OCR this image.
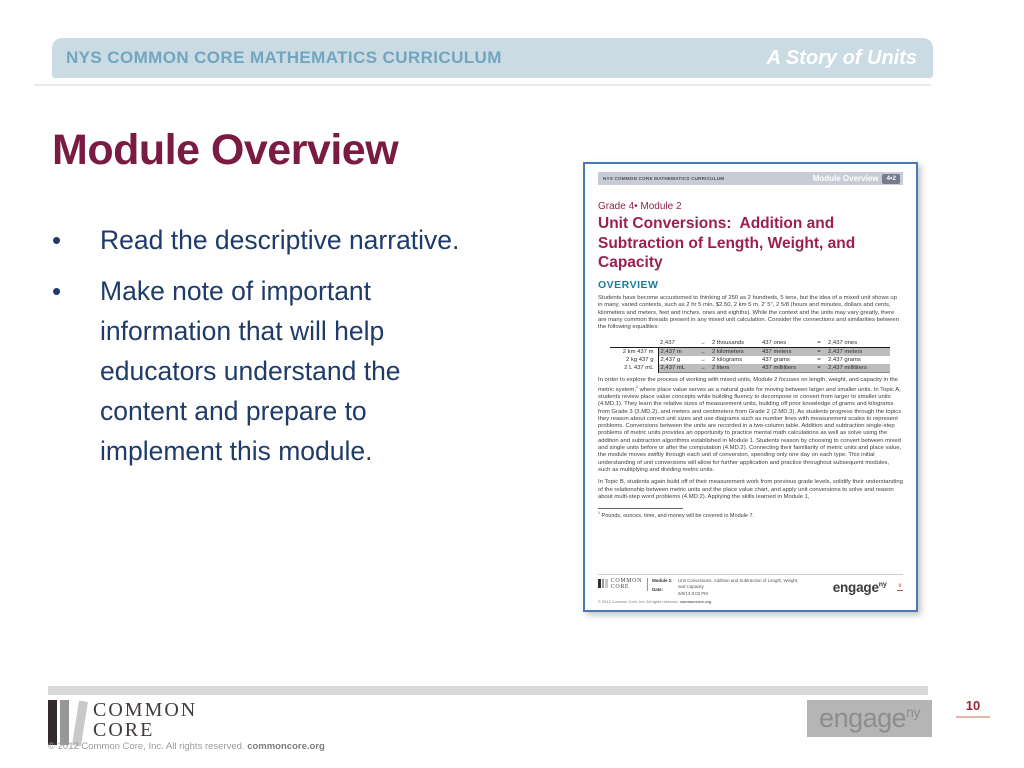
NYS COMMON CORE MATHEMATICS CURRICULUM	A Story of Units
Module Overview
•	Read the descriptive narrative.
•	Make note of important
information that will help
educators understand the
content and prepare to
implement this module.
NYS COMMON CORE MATHEMATICS CURRICULUM	Module Overview	4•2
Grade 4• Module 2
Unit Conversions:  Addition and Subtraction of Length, Weight, and Capacity
OVERVIEW
Students have become accustomed to thinking of 250 as 2 hundreds, 5 tens, but the idea of a mixed unit shows up in many, varied contexts, such as 2 hr 5 min, $2.50, 2 km 5 m, 2' 5", 2 5/8 (hours and minutes, dollars and cents, kilometers and meters, feet and inches, ones and eighths). While the context and the units may vary greatly, there are many common threads present in any mixed unit calculation. Consider the connections and similarities between the following equalities:
	2,437	→	2 thousands	437 ones	=	2,437 ones
2 km 437 m	2,437 m	→	2 kilometers	437 meters	=	2,437 meters
2 kg 437 g	2,437 g	→	2 kilograms	437 grams	=	2,437 grams
2 L 437 mL	2,437 mL	→	2 liters	437 milliliters	=	2,437 milliliters
In order to explore the process of working with mixed units, Module 2 focuses on length, weight, and capacity in the metric system,$^1$ where place value serves as a natural guide for moving between larger and smaller units. In Topic A, students review place value concepts while building fluency to decompose or convert from larger to smaller units (4.MD.1). They learn the relative sizes of measurement units, building off prior knowledge of grams and kilograms from Grade 3 (3.MD.2), and meters and centimeters from Grade 2 (2.MD.3). As students progress through the topics they reason about correct unit sizes and use diagrams such as number lines with measurement scales to represent problems. Conversions between the units are recorded in a two-column table. Addition and subtraction single-step problems of metric units provides an opportunity to practice mental math calculations as well as solve using the addition and subtraction algorithms established in Module 1. Students reason by choosing to convert between mixed and single units before or after the computation (4.MD.2). Connecting their familiarity of metric units and place value, the module moves swiftly through each unit of conversion, spending only one day on each type. This initial understanding of unit conversions will allow for further application and practice throughout subsequent modules, such as multiplying and dividing metric units.
In Topic B, students again build off of their measurement work from previous grade levels, solidify their understanding of the relationship between metric units and the place value chart, and apply unit conversions to solve and reason about multi-step word problems (4.MD.2). Applying the skills learned in Module 1,
$^1$ Pounds, ounces, time, and money will be covered in Module 7.
COMMON
CORE
Module 2:
Date:
Unit Conversions: Addition and Subtraction of Length, Weight, and Capacity
6/9/13 8:03 PM	engage$^{ny}$	ii
© 2012 Common Core, Inc. All rights reserved. commoncore.org
COMMON
CORE
© 2012 Common Core, Inc. All rights reserved. commoncore.org
engage$^{ny}$	10
